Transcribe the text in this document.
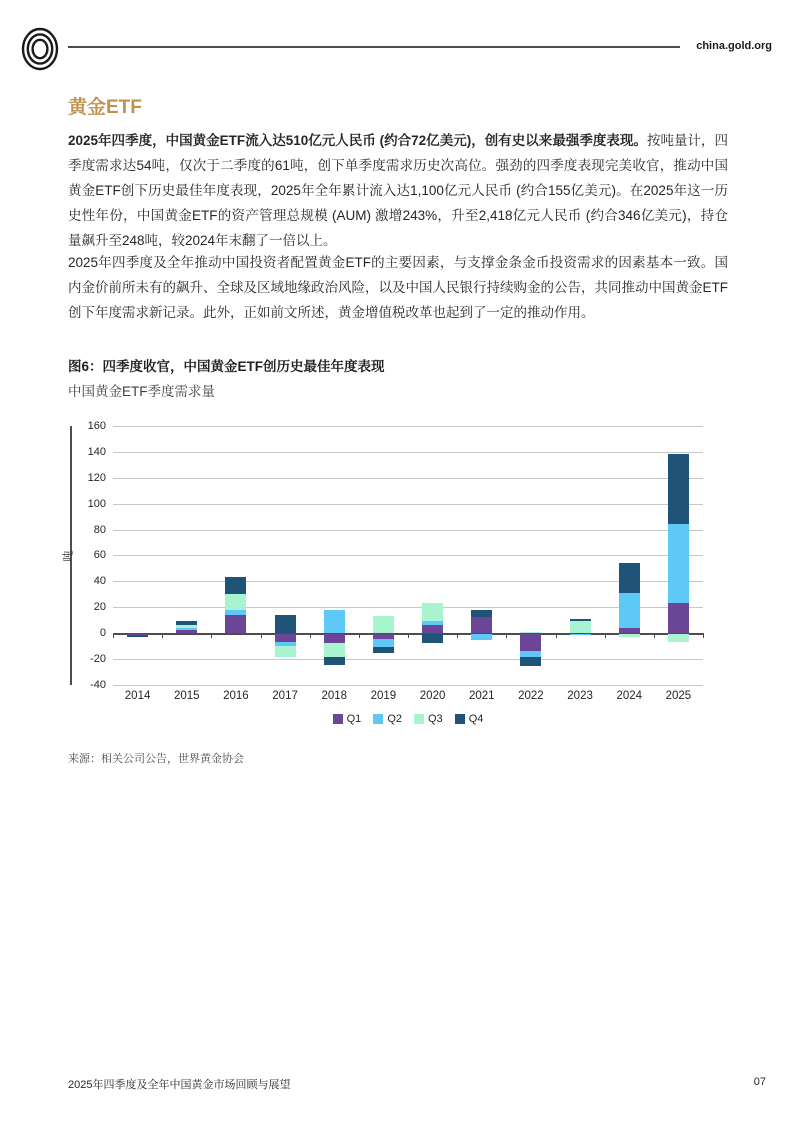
china.gold.org
黄金ETF
2025年四季度，中国黄金ETF流入达510亿元人民币 (约合72亿美元)，创有史以来最强季度表现。按吨量计，四季度需求达54吨，仅次于二季度的61吨，创下单季度需求历史次高位。强劲的四季度表现完美收官，推动中国黄金ETF创下历史最佳年度表现，2025年全年累计流入达1,100亿元人民币 (约合155亿美元)。在2025年这一历史性年份，中国黄金ETF的资产管理总规模 (AUM) 激增243%，升至2,418亿元人民币 (约合346亿美元)，持仓量飙升至248吨，较2024年末翻了一倍以上。
2025年四季度及全年推动中国投资者配置黄金ETF的主要因素，与支撑金条金币投资需求的因素基本一致。国内金价前所未有的飙升、全球及区域地缘政治风险，以及中国人民银行持续购金的公告，共同推动中国黄金ETF创下年度需求新记录。此外，正如前文所述，黄金增值税改革也起到了一定的推动作用。
图6：四季度收官，中国黄金ETF创历史最佳年度表现
中国黄金ETF季度需求量
吨
160
140
120
100
80
60
40
20
0
-20
-40
2014	2015	2016	2017	2018	2019	2020	2021	2022	2023	2024	2025
Q1 Q2 Q3 Q4
来源：相关公司公告，世界黄金协会
2025年四季度及全年中国黄金市场回顾与展望	07
